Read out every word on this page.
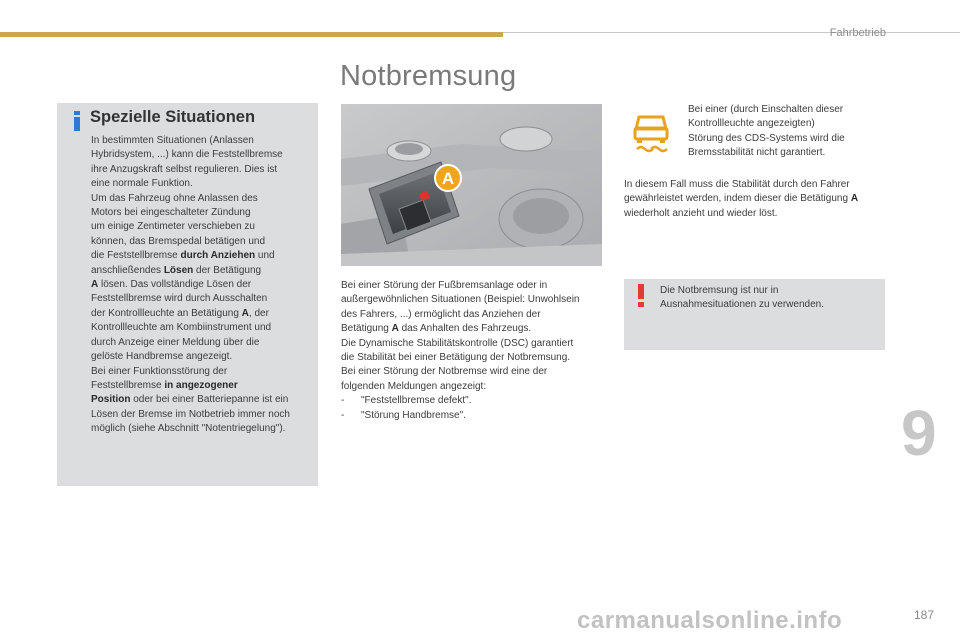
Fahrbetrieb
Notbremsung
Spezielle Situationen
In bestimmten Situationen (Anlassen
Hybridsystem, ...) kann die Feststellbremse
ihre Anzugskraft selbst regulieren. Dies ist
eine normale Funktion.
Um das Fahrzeug ohne Anlassen des
Motors bei eingeschalteter Zündung
um einige Zentimeter verschieben zu
können, das Bremspedal betätigen und
die Feststellbremse durch Anziehen und
anschließendes Lösen der Betätigung
A lösen. Das vollständige Lösen der
Feststellbremse wird durch Ausschalten
der Kontrollleuchte an Betätigung A, der
Kontrollleuchte am Kombiinstrument und
durch Anzeige einer Meldung über die
gelöste Handbremse angezeigt.
Bei einer Funktionsstörung der
Feststellbremse in angezogener
Position oder bei einer Batteriepanne ist ein
Lösen der Bremse im Notbetrieb immer noch
möglich (siehe Abschnitt "Notentriegelung").
A
Bei einer Störung der Fußbremsanlage oder in
außergewöhnlichen Situationen (Beispiel: Unwohlsein
des Fahrers, ...) ermöglicht das Anziehen der
Betätigung A das Anhalten des Fahrzeugs.
Die Dynamische Stabilitätskontrolle (DSC) garantiert
die Stabilität bei einer Betätigung der Notbremsung.
Bei einer Störung der Notbremse wird eine der
folgenden Meldungen angezeigt:
-      "Feststellbremse defekt".
-      "Störung Handbremse".
Bei einer (durch Einschalten dieser
Kontrollleuchte angezeigten)
Störung des CDS-Systems wird die
Bremsstabilität nicht garantiert.
In diesem Fall muss die Stabilität durch den Fahrer
gewährleistet werden, indem dieser die Betätigung A
wiederholt anzieht und wieder löst.
Die Notbremsung ist nur in
Ausnahmesituationen zu verwenden.
9
carmanualsonline.info	187
